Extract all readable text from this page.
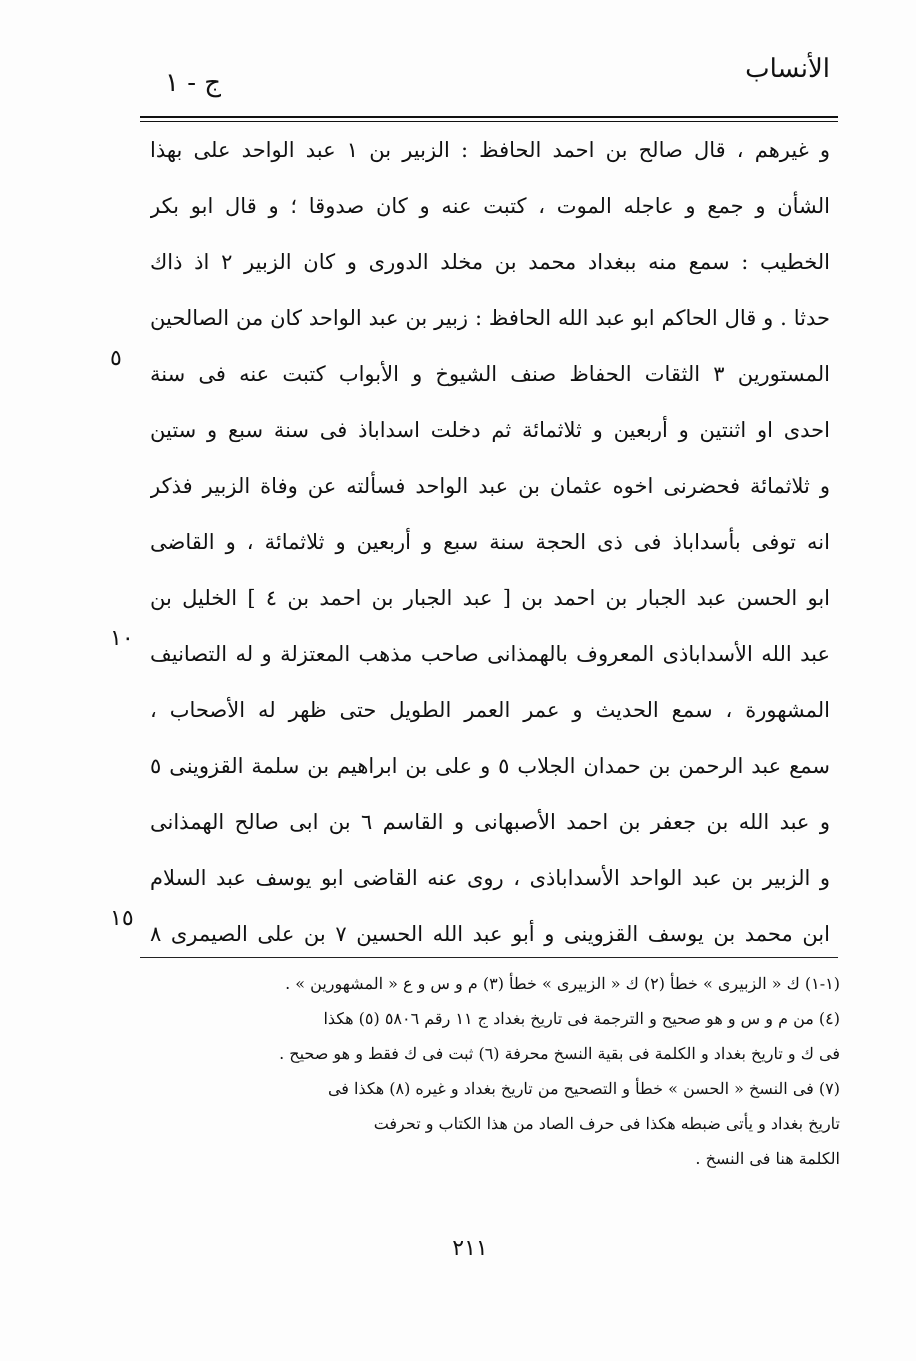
الأنساب
ج - ١
و غيرهم ، قال صالح بن احمد الحافظ : الزبير بن ١ عبد الواحد على بهذا
الشأن و جمع و عاجله الموت ، كتبت عنه و كان صدوقا ؛ و قال ابو بكر
الخطيب : سمع منه ببغداد محمد بن مخلد الدورى و كان الزبير ٢ اذ ذاك
حدثا . و قال الحاكم ابو عبد الله الحافظ : زبير بن عبد الواحد كان من الصالحين
المستورين ٣ الثقات الحفاظ صنف الشيوخ و الأبواب كتبت عنه فى سنة
احدى او اثنتين و أربعين و ثلاثمائة ثم دخلت اسداباذ فى سنة سبع و ستين
و ثلاثمائة فحضرنى اخوه عثمان بن عبد الواحد فسألته عن وفاة الزبير فذكر
انه توفى بأسداباذ فى ذى الحجة سنة سبع و أربعين و ثلاثمائة ، و القاضى
ابو الحسن عبد الجبار بن احمد بن [ عبد الجبار بن احمد بن ٤ ] الخليل بن
عبد الله الأسداباذى المعروف بالهمذانى صاحب مذهب المعتزلة و له التصانيف
المشهورة ، سمع الحديث و عمر العمر الطويل حتى ظهر له الأصحاب ،
سمع عبد الرحمن بن حمدان الجلاب ٥ و على بن ابراهيم بن سلمة القزوينى ٥
و عبد الله بن جعفر بن احمد الأصبهانى و القاسم ٦ بن ابى صالح الهمذانى
و الزبير بن عبد الواحد الأسداباذى ، روى عنه القاضى ابو يوسف عبد السلام
ابن محمد بن يوسف القزوينى و أبو عبد الله الحسين ٧ بن على الصيمرى ٨
٥
١٠
١٥
(١-١) ك « الزبيرى » خطأ (٢) ك « الزبيرى » خطأ (٣) م و س و ع « المشهورين » .
(٤) من م و س و هو صحيح و الترجمة فى تاريخ بغداد ج ١١ رقم ٥٨٠٦ (٥) هكذا
فى ك و تاريخ بغداد و الكلمة فى بقية النسخ محرفة (٦) ثبت فى ك فقط و هو صحيح .
(٧) فى النسخ « الحسن » خطأ و التصحيح من تاريخ بغداد و غيره (٨) هكذا فى
تاريخ بغداد و يأتى ضبطه هكذا فى حرف الصاد من هذا الكتاب و تحرفت
الكلمة هنا فى النسخ .
٢١١
